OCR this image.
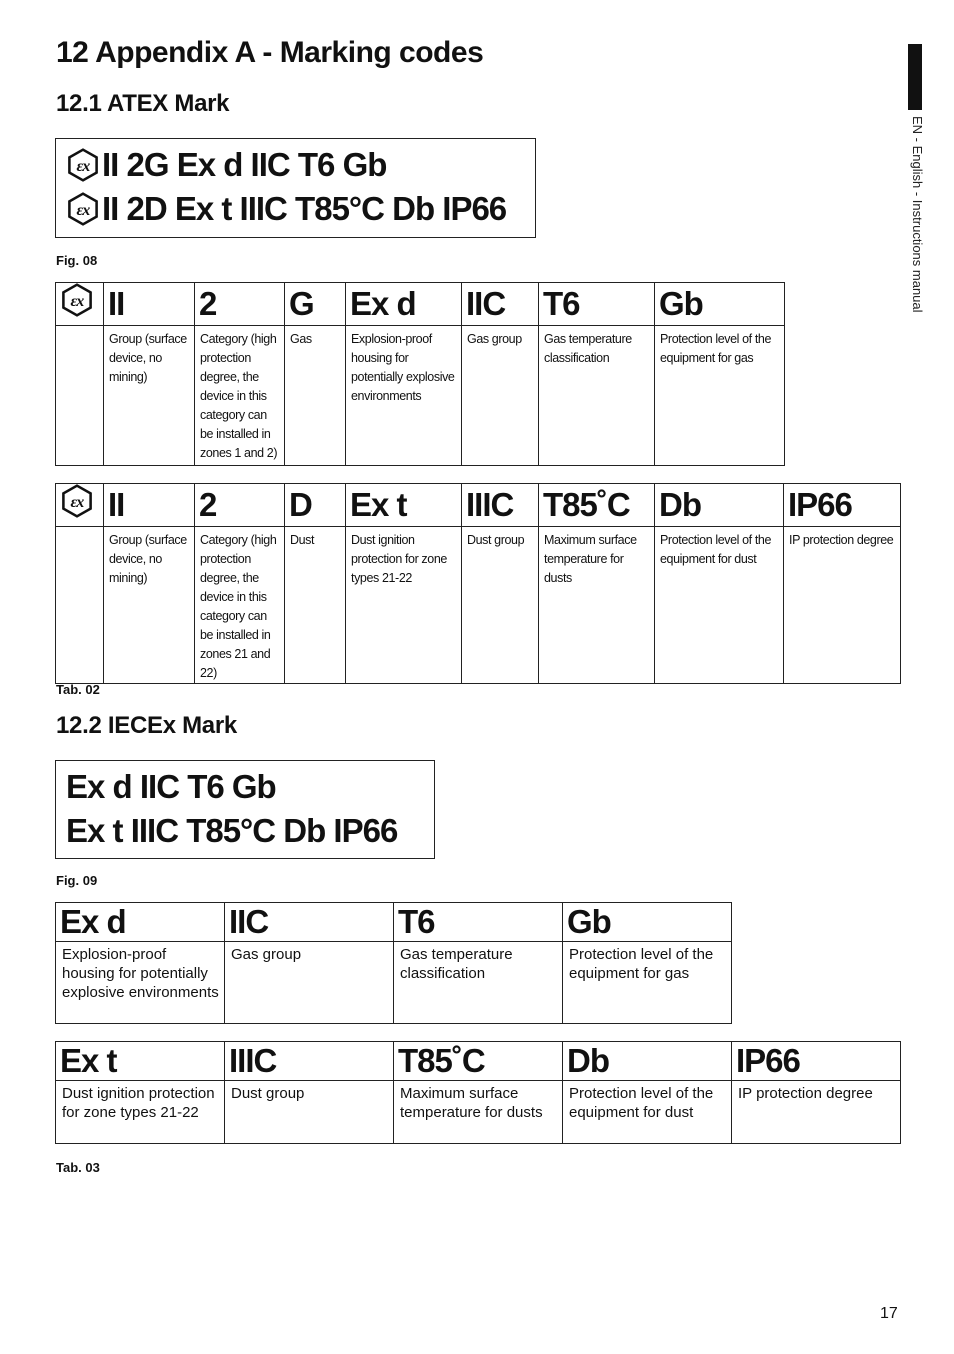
12 Appendix A - Marking codes
12.1 ATEX Mark
II 2G Ex d IIC T6 Gb
II 2D Ex t IIIC T85°C Db IP66
Fig. 08
	II	2	G	Ex d	IIC	T6	Gb
	Group (surface device, no mining)	Category (high protection degree, the device in this category can be installed in zones 1 and 2)	Gas	Explosion-proof housing for potentially explosive environments	Gas group	Gas temperature classification	Protection level of the equipment for gas
	II	2	D	Ex t	IIIC	T85˚C	Db	IP66
	Group (surface device, no mining)	Category (high protection degree, the device in this category can be installed in zones 21 and 22)	Dust	Dust ignition protection for zone types 21-22	Dust group	Maximum surface temperature for dusts	Protection level of the equipment for dust	IP protection degree
Tab. 02
12.2 IECEx Mark
Ex d IIC T6 Gb
Ex t IIIC T85°C Db IP66
Fig. 09
Ex d	IIC	T6	Gb
Explosion-proof housing for potentially explosive environments	Gas group	Gas temperature classification	Protection level of the equipment for gas
Ex t	IIIC	T85˚C	Db	IP66
Dust ignition protection for zone types 21-22	Dust group	Maximum surface temperature for dusts	Protection level of the equipment for dust	IP protection degree
Tab. 03
EN - English - Instructions manual
17
